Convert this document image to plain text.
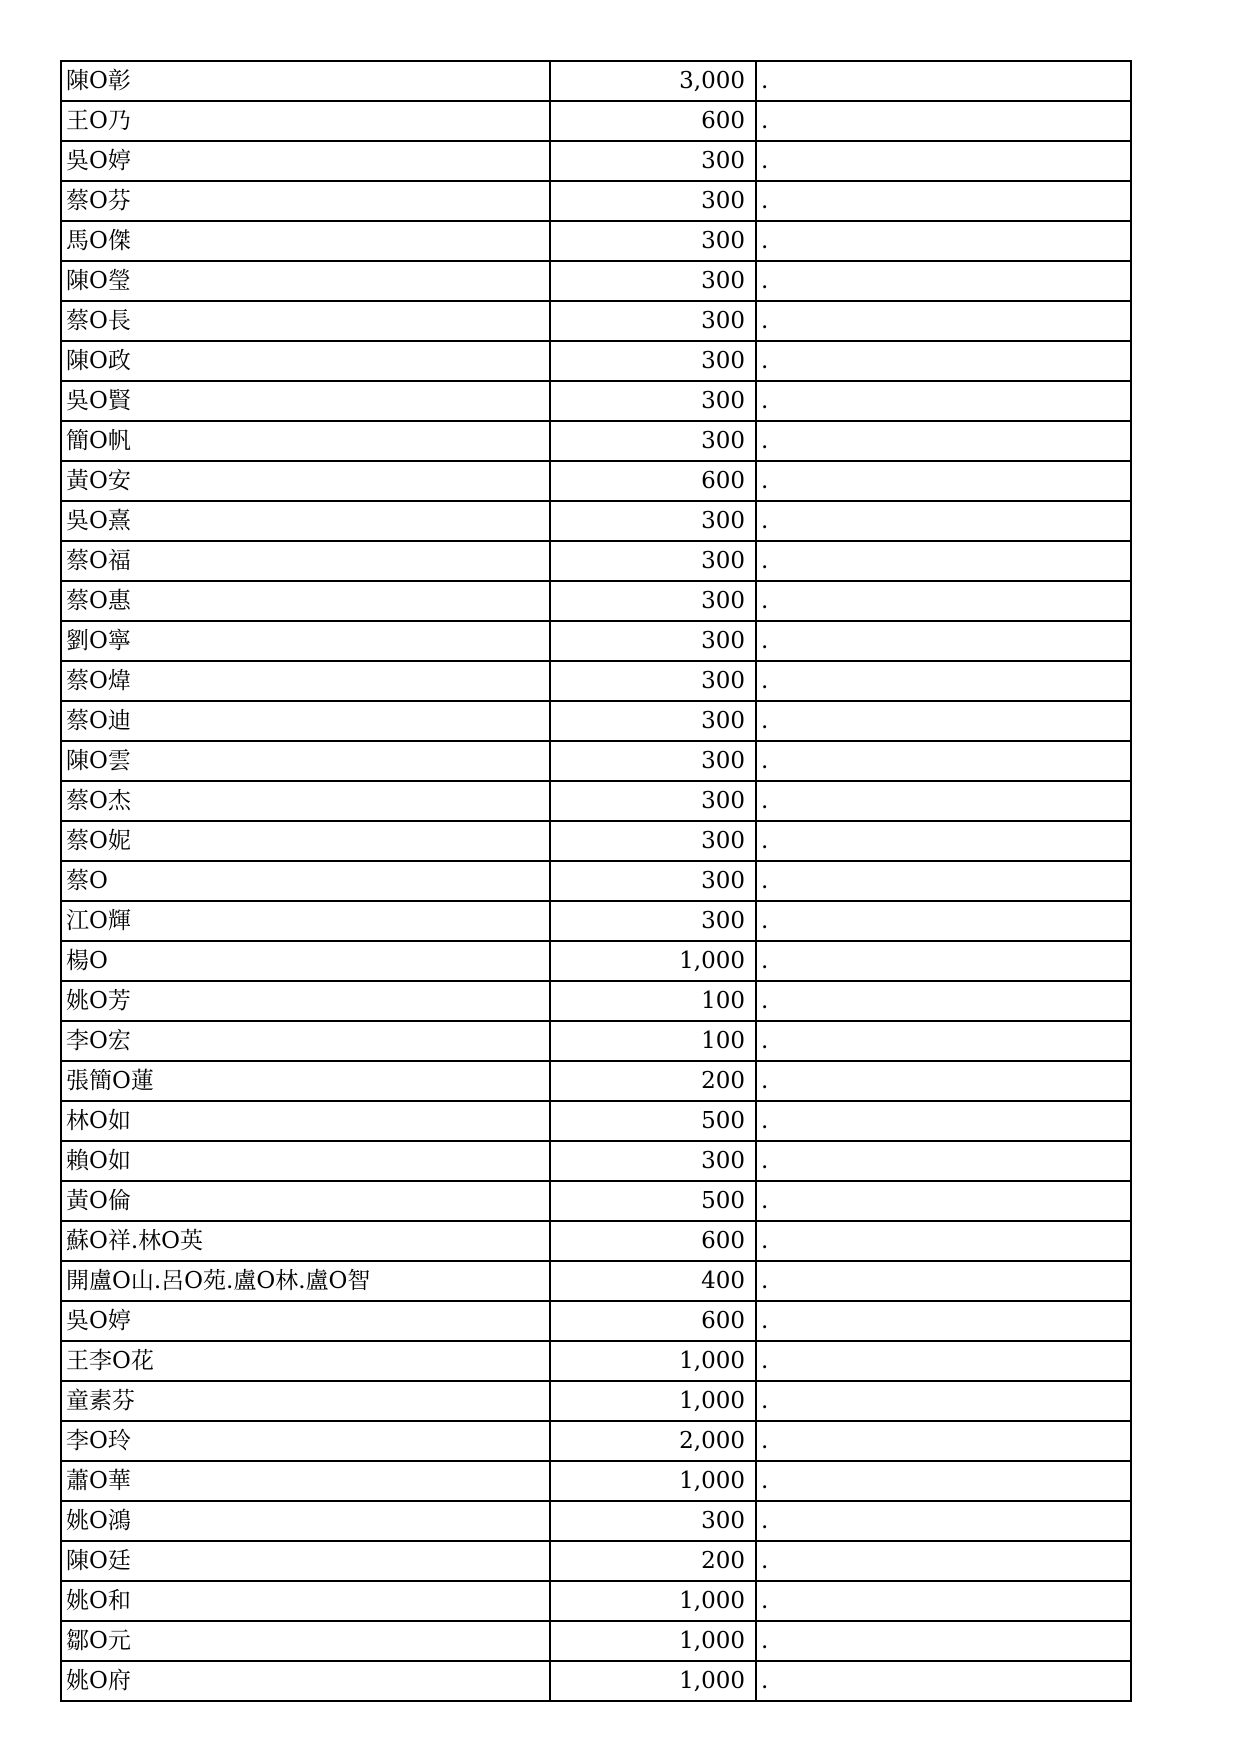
陳O彰	3,000	.
王O乃	600	.
吳O婷	300	.
蔡O芬	300	.
馬O傑	300	.
陳O瑩	300	.
蔡O長	300	.
陳O政	300	.
吳O賢	300	.
簡O帆	300	.
黃O安	600	.
吳O熹	300	.
蔡O福	300	.
蔡O惠	300	.
劉O寧	300	.
蔡O煒	300	.
蔡O迪	300	.
陳O雲	300	.
蔡O杰	300	.
蔡O妮	300	.
蔡O	300	.
江O輝	300	.
楊O	1,000	.
姚O芳	100	.
李O宏	100	.
張簡O蓮	200	.
林O如	500	.
賴O如	300	.
黃O倫	500	.
蘇O祥.林O英	600	.
開盧O山.呂O苑.盧O林.盧O智	400	.
吳O婷	600	.
王李O花	1,000	.
童素芬	1,000	.
李O玲	2,000	.
蕭O華	1,000	.
姚O鴻	300	.
陳O廷	200	.
姚O和	1,000	.
鄒O元	1,000	.
姚O府	1,000	.
